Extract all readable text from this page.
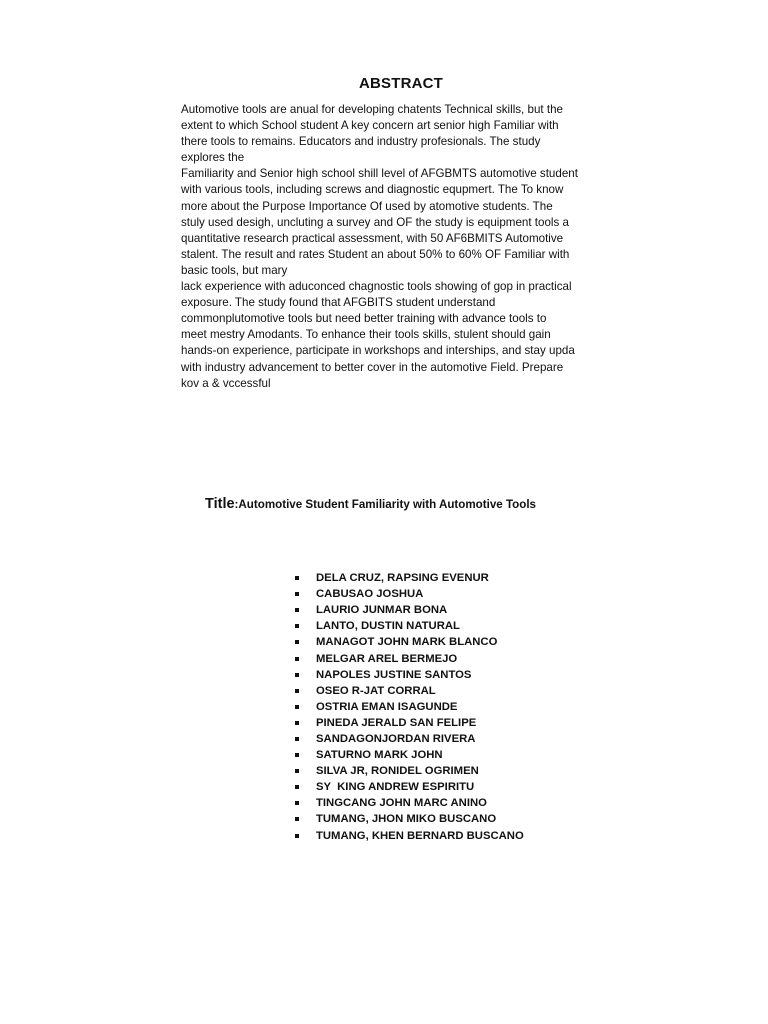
ABSTRACT
Automotive tools are anual for developing chatents Technical skills, but the
extent to which School student A key concern art senior high Familiar with
there tools to remains. Educators and industry profesionals. The study
explores the
Familiarity and Senior high school shill level of AFGBMTS automotive student
with various tools, including screws and diagnostic equpmert. The To know
more about the Purpose Importance Of used by atomotive students. The
stuly used desigh, uncluting a survey and OF the study is equipment tools a
quantitative research practical assessment, with 50 AF6BMITS Automotive
stalent. The result and rates Student an about 50% to 60% OF Familiar with
basic tools, but mary
lack experience with aduconced chagnostic tools showing of gop in practical
exposure. The study found that AFGBITS student understand
commonplutomotive tools but need better training with advance tools to
meet mestry Amodants. To enhance their tools skills, stulent should gain
hands-on experience, participate in workshops and interships, and stay upda
with industry advancement to better cover in the automotive Field. Prepare
kov a & vccessful
Title:Automotive Student Familiarity with Automotive Tools
DELA CRUZ, RAPSING EVENUR
CABUSAO JOSHUA
LAURIO JUNMAR BONA
LANTO, DUSTIN NATURAL
MANAGOT JOHN MARK BLANCO
MELGAR AREL BERMEJO
NAPOLES JUSTINE SANTOS
OSEO R-JAT CORRAL
OSTRIA EMAN ISAGUNDE
PINEDA JERALD SAN FELIPE
SANDAGONJORDAN RIVERA
SATURNO MARK JOHN
SILVA JR, RONIDEL OGRIMEN
SY  KING ANDREW ESPIRITU
TINGCANG JOHN MARC ANINO
TUMANG, JHON MIKO BUSCANO
TUMANG, KHEN BERNARD BUSCANO
